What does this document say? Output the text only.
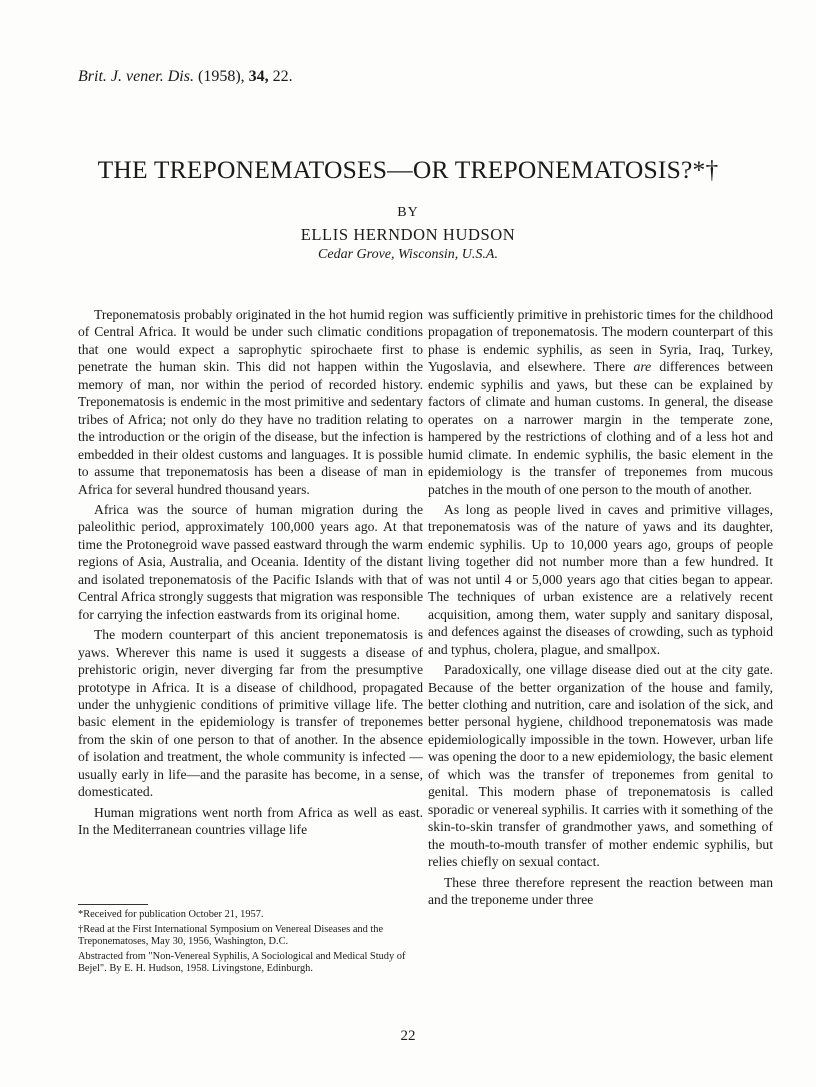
Brit. J. vener. Dis. (1958), 34, 22.
THE TREPONEMATOSES—OR TREPONEMATOSIS?*†
BY
ELLIS HERNDON HUDSON
Cedar Grove, Wisconsin, U.S.A.

Treponematosis probably originated in the hot humid region of Central Africa. It would be under such climatic conditions that one would expect a saprophytic spirochaete first to penetrate the human skin. This did not happen within the memory of man, nor within the period of recorded history. Treponematosis is endemic in the most primitive and sedentary tribes of Africa; not only do they have no tradition relating to the introduction or the origin of the disease, but the infection is embedded in their oldest customs and languages. It is possible to assume that treponematosis has been a disease of man in Africa for several hundred thousand years.

Africa was the source of human migration during the paleolithic period, approximately 100,000 years ago. At that time the Protonegroid wave passed eastward through the warm regions of Asia, Australia, and Oceania. Identity of the distant and isolated treponematosis of the Pacific Islands with that of Central Africa strongly suggests that migration was responsible for carrying the infection eastwards from its original home.

The modern counterpart of this ancient treponematosis is yaws. Wherever this name is used it suggests a disease of prehistoric origin, never diverging far from the presumptive prototype in Africa. It is a disease of childhood, propagated under the unhygienic conditions of primitive village life. The basic element in the epidemiology is transfer of treponemes from the skin of one person to that of another. In the absence of isolation and treatment, the whole community is infected —usually early in life—and the parasite has become, in a sense, domesticated.

Human migrations went north from Africa as well as east. In the Mediterranean countries village life

was sufficiently primitive in prehistoric times for the childhood propagation of treponematosis. The modern counterpart of this phase is endemic syphilis, as seen in Syria, Iraq, Turkey, Yugoslavia, and elsewhere. There are differences between endemic syphilis and yaws, but these can be explained by factors of climate and human customs. In general, the disease operates on a narrower margin in the temperate zone, hampered by the restrictions of clothing and of a less hot and humid climate. In endemic syphilis, the basic element in the epidemiology is the transfer of treponemes from mucous patches in the mouth of one person to the mouth of another.

As long as people lived in caves and primitive villages, treponematosis was of the nature of yaws and its daughter, endemic syphilis. Up to 10,000 years ago, groups of people living together did not number more than a few hundred. It was not until 4 or 5,000 years ago that cities began to appear. The techniques of urban existence are a relatively recent acquisition, among them, water supply and sanitary disposal, and defences against the diseases of crowding, such as typhoid and typhus, cholera, plague, and smallpox.

Paradoxically, one village disease died out at the city gate. Because of the better organization of the house and family, better clothing and nutrition, care and isolation of the sick, and better personal hygiene, childhood treponematosis was made epidemiologically impossible in the town. However, urban life was opening the door to a new epidemiology, the basic element of which was the transfer of treponemes from genital to genital. This modern phase of treponematosis is called sporadic or venereal syphilis. It carries with it something of the skin-to-skin transfer of grandmother yaws, and something of the mouth-to-mouth transfer of mother endemic syphilis, but relies chiefly on sexual contact.

These three therefore represent the reaction between man and the treponeme under three

*Received for publication October 21, 1957.
†Read at the First International Symposium on Venereal Diseases and the Treponematoses, May 30, 1956, Washington, D.C.
Abstracted from "Non-Venereal Syphilis, A Sociological and Medical Study of Bejel". By E. H. Hudson, 1958. Livingstone, Edinburgh.
22
